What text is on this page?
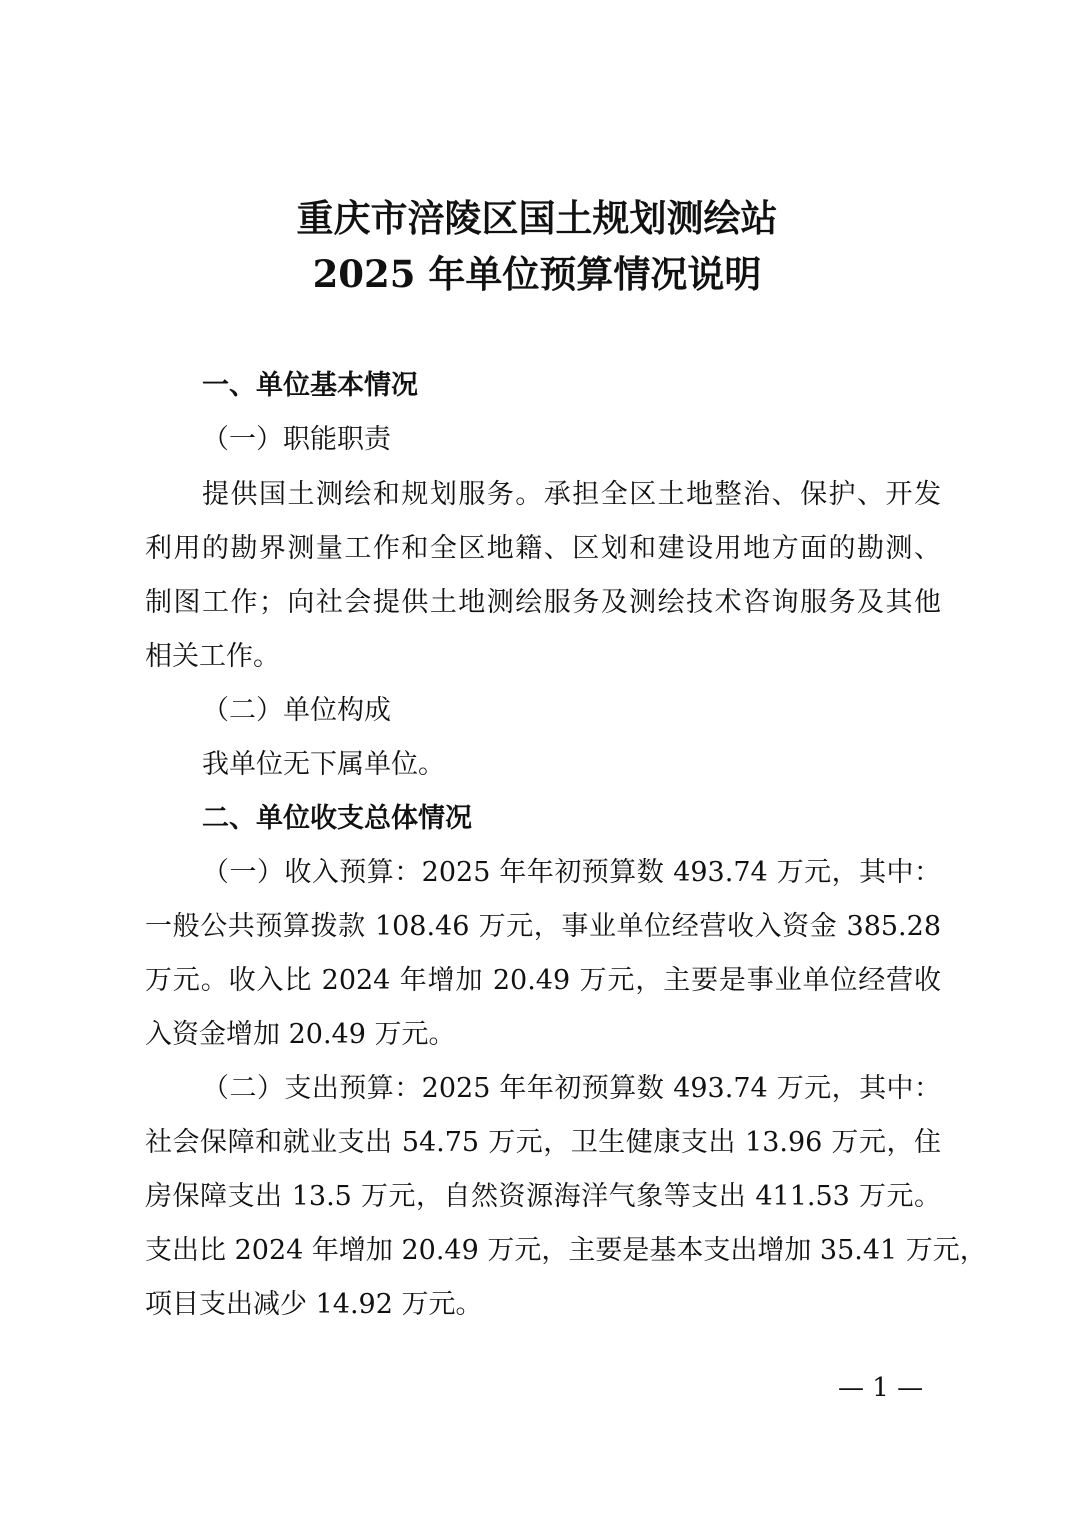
重庆市涪陵区国土规划测绘站
2025 年单位预算情况说明
一、单位基本情况
（一）职能职责
提供国土测绘和规划服务。承担全区土地整治、保护、开发
利用的勘界测量工作和全区地籍、区划和建设用地方面的勘测、
制图工作；向社会提供土地测绘服务及测绘技术咨询服务及其他
相关工作。
（二）单位构成
我单位无下属单位。
二、单位收支总体情况
（一）收入预算：2025 年年初预算数 493.74 万元，其中：
一般公共预算拨款 108.46 万元，事业单位经营收入资金 385.28
万元。收入比 2024 年增加 20.49 万元，主要是事业单位经营收
入资金增加 20.49 万元。
（二）支出预算：2025 年年初预算数 493.74 万元，其中：
社会保障和就业支出 54.75 万元，卫生健康支出 13.96 万元，住
房保障支出 13.5 万元，自然资源海洋气象等支出 411.53 万元。
支出比 2024 年增加 20.49 万元，主要是基本支出增加 35.41 万元，
项目支出减少 14.92 万元。
— 1 —
